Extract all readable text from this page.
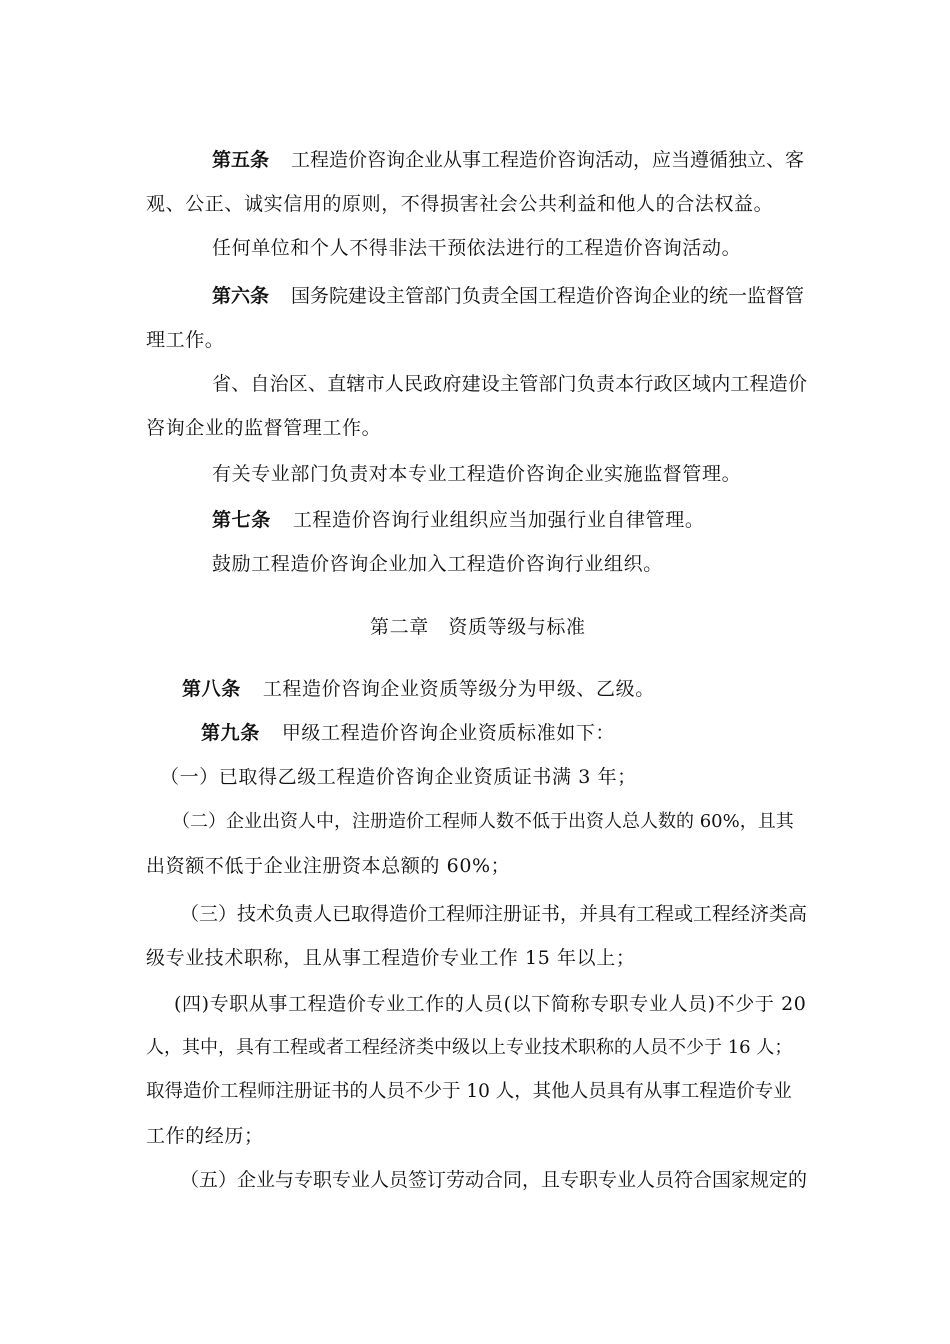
第五条 工程造价咨询企业从事工程造价咨询活动，应当遵循独立、客
观、公正、诚实信用的原则，不得损害社会公共利益和他人的合法权益。
任何单位和个人不得非法干预依法进行的工程造价咨询活动。
第六条 国务院建设主管部门负责全国工程造价咨询企业的统一监督管
理工作。
省、自治区、直辖市人民政府建设主管部门负责本行政区域内工程造价
咨询企业的监督管理工作。
有关专业部门负责对本专业工程造价咨询企业实施监督管理。
第七条 工程造价咨询行业组织应当加强行业自律管理。
鼓励工程造价咨询企业加入工程造价咨询行业组织。
第二章　资质等级与标准
第八条 工程造价咨询企业资质等级分为甲级、乙级。
第九条 甲级工程造价咨询企业资质标准如下：
（一）已取得乙级工程造价咨询企业资质证书满 3 年；
（二）企业出资人中，注册造价工程师人数不低于出资人总人数的 60%，且其
出资额不低于企业注册资本总额的 60%；
（三）技术负责人已取得造价工程师注册证书，并具有工程或工程经济类高
级专业技术职称，且从事工程造价专业工作 15 年以上；
(四)专职从事工程造价专业工作的人员(以下简称专职专业人员)不少于 20
人，其中，具有工程或者工程经济类中级以上专业技术职称的人员不少于 16 人；
取得造价工程师注册证书的人员不少于 10 人，其他人员具有从事工程造价专业
工作的经历；
（五）企业与专职专业人员签订劳动合同，且专职专业人员符合国家规定的
